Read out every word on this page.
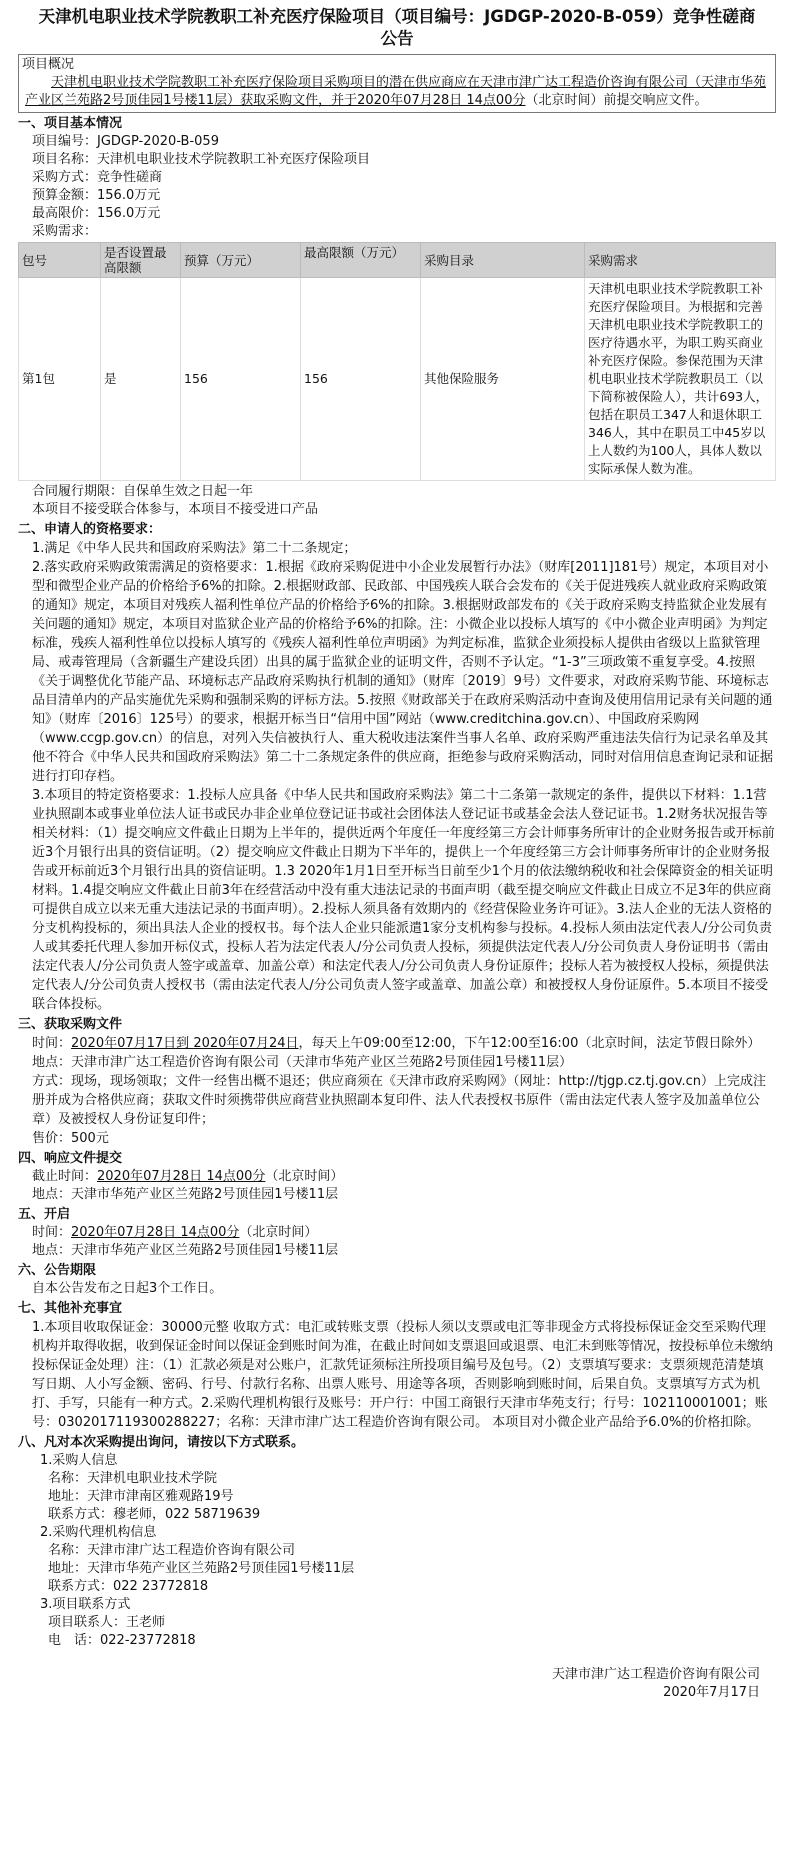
天津机电职业技术学院教职工补充医疗保险项目（项目编号：JGDGP-2020-B-059）竞争性磋商公告
项目概况
天津机电职业技术学院教职工补充医疗保险项目采购项目的潜在供应商应在天津市津广达工程造价咨询有限公司（天津市华苑产业区兰苑路2号顶佳园1号楼11层）获取采购文件，并于2020年07月28日 14点00分（北京时间）前提交响应文件。
一、项目基本情况
项目编号：JGDGP-2020-B-059
项目名称：天津机电职业技术学院教职工补充医疗保险项目
采购方式：竞争性磋商
预算金额：156.0万元
最高限价：156.0万元
采购需求：
包号	是否设置最高限额	预算（万元）	最高限额（万元）	采购目录	采购需求
第1包	是	156	156	其他保险服务	天津机电职业技术学院教职工补充医疗保险项目。为根据和完善天津机电职业技术学院教职工的医疗待遇水平，为职工购买商业补充医疗保险。参保范围为天津机电职业技术学院教职员工（以下简称被保险人），共计693人，包括在职员工347人和退休职工346人，其中在职员工中45岁以上人数约为100人，具体人数以实际承保人数为准。
合同履行期限：自保单生效之日起一年
本项目不接受联合体参与，本项目不接受进口产品
二、申请人的资格要求：
1.满足《中华人民共和国政府采购法》第二十二条规定；
2.落实政府采购政策需满足的资格要求：1.根据《政府采购促进中小企业发展暂行办法》（财库[2011]181号）规定，本项目对小型和微型企业产品的价格给予6%的扣除。2.根据财政部、民政部、中国残疾人联合会发布的《关于促进残疾人就业政府采购政策的通知》规定，本项目对残疾人福利性单位产品的价格给予6%的扣除。3.根据财政部发布的《关于政府采购支持监狱企业发展有关问题的通知》规定，本项目对监狱企业产品的价格给予6%的扣除。注：小微企业以投标人填写的《中小微企业声明函》为判定标准，残疾人福利性单位以投标人填写的《残疾人福利性单位声明函》为判定标准，监狱企业须投标人提供由省级以上监狱管理局、戒毒管理局（含新疆生产建设兵团）出具的属于监狱企业的证明文件，否则不予认定。“1-3”三项政策不重复享受。4.按照《关于调整优化节能产品、环境标志产品政府采购执行机制的通知》（财库〔2019〕9号）文件要求，对政府采购节能、环境标志品目清单内的产品实施优先采购和强制采购的评标方法。5.按照《财政部关于在政府采购活动中查询及使用信用记录有关问题的通知》（财库〔2016〕125号）的要求，根据开标当日“信用中国”网站（www.creditchina.gov.cn）、中国政府采购网（www.ccgp.gov.cn）的信息，对列入失信被执行人、重大税收违法案件当事人名单、政府采购严重违法失信行为记录名单及其他不符合《中华人民共和国政府采购法》第二十二条规定条件的供应商，拒绝参与政府采购活动，同时对信用信息查询记录和证据进行打印存档。
3.本项目的特定资格要求：1.投标人应具备《中华人民共和国政府采购法》第二十二条第一款规定的条件，提供以下材料：1.1营业执照副本或事业单位法人证书或民办非企业单位登记证书或社会团体法人登记证书或基金会法人登记证书。1.2财务状况报告等相关材料：（1）提交响应文件截止日期为上半年的，提供近两个年度任一年度经第三方会计师事务所审计的企业财务报告或开标前近3个月银行出具的资信证明。（2）提交响应文件截止日期为下半年的，提供上一个年度经第三方会计师事务所审计的企业财务报告或开标前近3个月银行出具的资信证明。1.3 2020年1月1日至开标当日前至少1个月的依法缴纳税收和社会保障资金的相关证明材料。1.4提交响应文件截止日前3年在经营活动中没有重大违法记录的书面声明（截至提交响应文件截止日成立不足3年的供应商可提供自成立以来无重大违法记录的书面声明）。2.投标人须具备有效期内的《经营保险业务许可证》。3.法人企业的无法人资格的分支机构投标的，须出具法人企业的授权书。每个法人企业只能派遣1家分支机构参与投标。4.投标人须由法定代表人/分公司负责人或其委托代理人参加开标仪式，投标人若为法定代表人/分公司负责人投标，须提供法定代表人/分公司负责人身份证明书（需由法定代表人/分公司负责人签字或盖章、加盖公章）和法定代表人/分公司负责人身份证原件；投标人若为被授权人投标，须提供法定代表人/分公司负责人授权书（需由法定代表人/分公司负责人签字或盖章、加盖公章）和被授权人身份证原件。5.本项目不接受联合体投标。
三、获取采购文件
时间：2020年07月17日到 2020年07月24日，每天上午09:00至12:00，下午12:00至16:00（北京时间，法定节假日除外）
地点：天津市津广达工程造价咨询有限公司（天津市华苑产业区兰苑路2号顶佳园1号楼11层）
方式：现场，现场领取；文件一经售出概不退还；供应商须在《天津市政府采购网》（网址：http://tjgp.cz.tj.gov.cn）上完成注册并成为合格供应商；获取文件时须携带供应商营业执照副本复印件、法人代表授权书原件（需由法定代表人签字及加盖单位公章）及被授权人身份证复印件；
售价：500元
四、响应文件提交
截止时间：2020年07月28日 14点00分（北京时间）
地点：天津市华苑产业区兰苑路2号顶佳园1号楼11层
五、开启
时间：2020年07月28日 14点00分（北京时间）
地点：天津市华苑产业区兰苑路2号顶佳园1号楼11层
六、公告期限
自本公告发布之日起3个工作日。
七、其他补充事宜
1.本项目收取保证金：30000元整 收取方式：电汇或转账支票（投标人须以支票或电汇等非现金方式将投标保证金交至采购代理机构并取得收据，收到保证金时间以保证金到账时间为准，在截止时间如支票退回或退票、电汇未到账等情况，按投标单位未缴纳投标保证金处理）注：（1）汇款必须是对公账户，汇款凭证须标注所投项目编号及包号。（2）支票填写要求：支票须规范清楚填写日期、人小写金额、密码、行号、付款行名称、出票人账号、用途等各项，否则影响到账时间，后果自负。支票填写方式为机打、手写，只能有一种方式。2.采购代理机构银行及账号：开户行：中国工商银行天津市华苑支行；行号：102110001001；账号：0302017119300288227；名称：天津市津广达工程造价咨询有限公司。 本项目对小微企业产品给予6.0%的价格扣除。
八、凡对本次采购提出询问，请按以下方式联系。
1.采购人信息
名称：天津机电职业技术学院
地址：天津市津南区雅观路19号
联系方式：穆老师，022 58719639
2.采购代理机构信息
名称：天津市津广达工程造价咨询有限公司
地址：天津市华苑产业区兰苑路2号顶佳园1号楼11层
联系方式：022 23772818
3.项目联系方式
项目联系人：王老师
电　话：022-23772818
天津市津广达工程造价咨询有限公司
2020年7月17日
